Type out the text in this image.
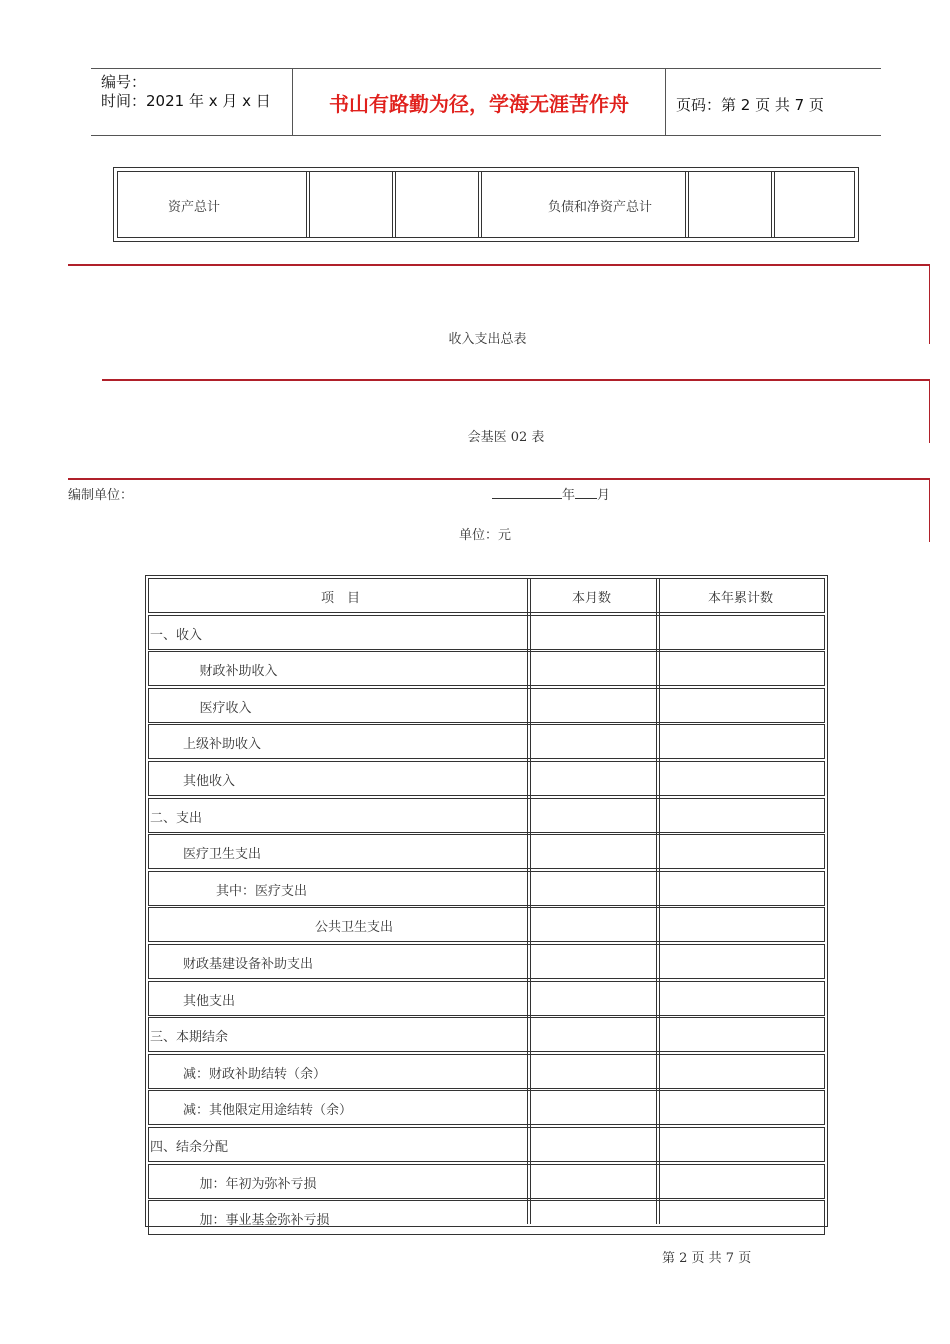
编号：
时间：2021 年 x 月 x 日	书山有路勤为径，学海无涯苦作舟	页码：第 2 页 共 7 页
资产总计	负债和净资产总计
收入支出总表
会基医 02 表
编制单位：	年 月
单位：元
项　目	本月数	本年累计数
一、收入
财政补助收入
医疗收入
上级补助收入
其他收入
二、支出
医疗卫生支出
其中：医疗支出
公共卫生支出
财政基建设备补助支出
其他支出
三、本期结余
减：财政补助结转（余）
减：其他限定用途结转（余）
四、结余分配
加：年初为弥补亏损
加：事业基金弥补亏损
第 2 页 共 7 页
